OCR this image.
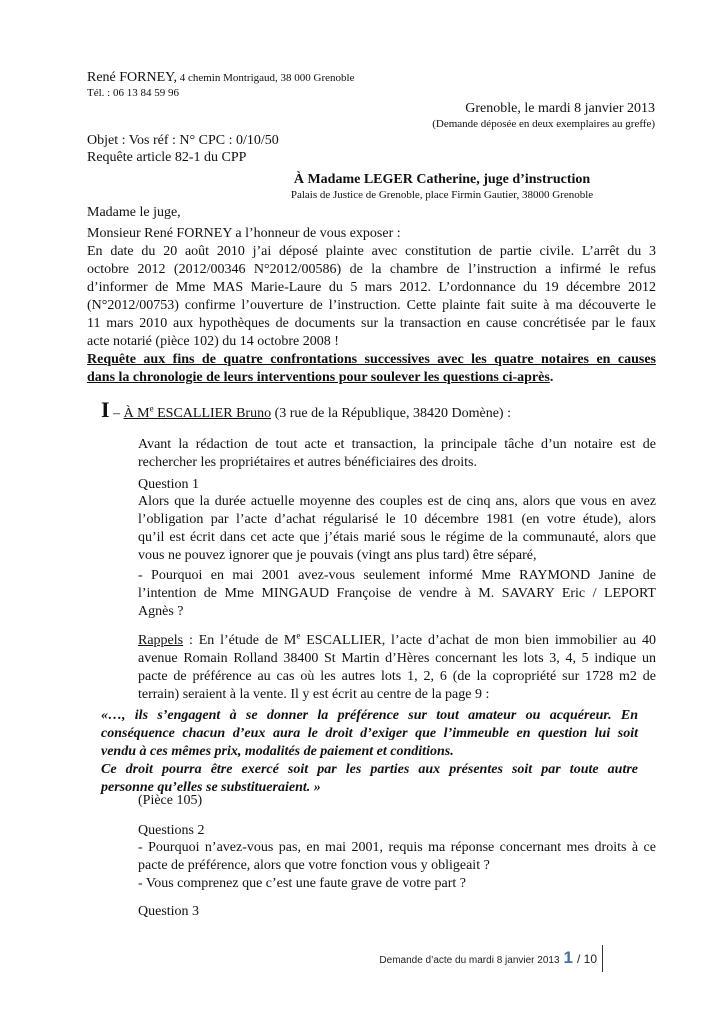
René FORNEY, 4 chemin Montrigaud, 38 000 Grenoble
Tél. : 06 13 84 59 96
Grenoble, le mardi 8 janvier 2013
(Demande déposée en deux exemplaires au greffe)
Objet : Vos réf : N° CPC : 0/10/50
Requête article 82-1 du CPP
À Madame LEGER Catherine, juge d’instruction
Palais de Justice de Grenoble, place Firmin Gautier, 38000 Grenoble
Madame le juge,
Monsieur René FORNEY a l’honneur de vous exposer :
En date du 20 août 2010 j’ai déposé plainte avec constitution de partie civile. L’arrêt du 3
octobre 2012 (2012/00346 N°2012/00586) de la chambre de l’instruction a infirmé le refus
d’informer de Mme MAS Marie-Laure du 5 mars 2012. L’ordonnance du 19 décembre 2012
(N°2012/00753) confirme l’ouverture de l’instruction. Cette plainte fait suite à ma découverte le
11 mars 2010 aux hypothèques de documents sur la transaction en cause concrétisée par le faux
acte notarié (pièce 102) du 14 octobre 2008 !
Requête aux fins de quatre confrontations successives avec les quatre notaires en causes
dans la chronologie de leurs interventions pour soulever les questions ci-après.
I – À Me ESCALLIER Bruno (3 rue de la République, 38420 Domène) :
Avant la rédaction de tout acte et transaction, la principale tâche d’un notaire est de
rechercher les propriétaires et autres bénéficiaires des droits.
Question 1
Alors que la durée actuelle moyenne des couples est de cinq ans, alors que vous en avez
l’obligation par l’acte d’achat régularisé le 10 décembre 1981 (en votre étude), alors
qu’il est écrit dans cet acte que j’étais marié sous le régime de la communauté, alors que
vous ne pouvez ignorer que je pouvais (vingt ans plus tard) être séparé,
- Pourquoi en mai 2001 avez-vous seulement informé Mme RAYMOND Janine de
l’intention de Mme MINGAUD Françoise de vendre à M. SAVARY Eric / LEPORT
Agnès ?
Rappels : En l’étude de Me ESCALLIER, l’acte d’achat de mon bien immobilier au 40
avenue Romain Rolland 38400 St Martin d’Hères concernant les lots 3, 4, 5 indique un
pacte de préférence au cas où les autres lots 1, 2, 6 (de la copropriété sur 1728 m2 de
terrain) seraient à la vente. Il y est écrit au centre de la page 9 :
«…, ils s’engagent à se donner la préférence sur tout amateur ou acquéreur. En
conséquence chacun d’eux aura le droit d’exiger que l’immeuble en question lui soit
vendu à ces mêmes prix, modalités de paiement et conditions.
Ce droit pourra être exercé soit par les parties aux présentes soit par toute autre
personne qu’elles se substitueraient. »
(Pièce 105)
Questions 2
- Pourquoi n’avez-vous pas, en mai 2001, requis ma réponse concernant mes droits à ce
pacte de préférence, alors que votre fonction vous y obligeait ?
- Vous comprenez que c’est une faute grave de votre part ?
Question 3
Demande d’acte du mardi 8 janvier 2013 1 / 10
